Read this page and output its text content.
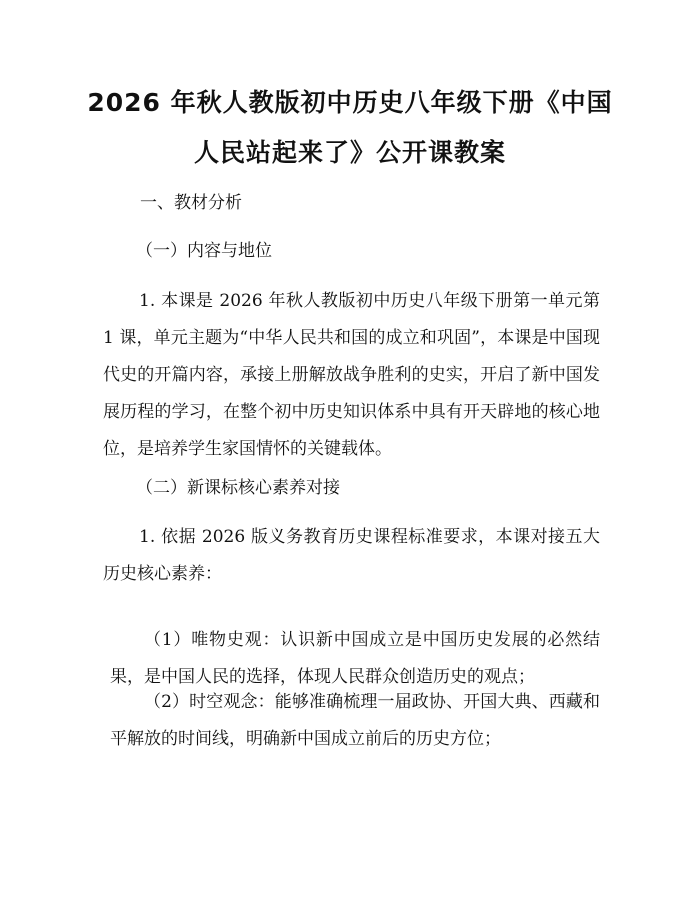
2026 年秋人教版初中历史八年级下册《中国
人民站起来了》公开课教案
一、教材分析
（一）内容与地位
1. 本课是 2026 年秋人教版初中历史八年级下册第一单元第 1 课，单元主题为“中华人民共和国的成立和巩固”，本课是中国现代史的开篇内容，承接上册解放战争胜利的史实，开启了新中国发展历程的学习，在整个初中历史知识体系中具有开天辟地的核心地位，是培养学生家国情怀的关键载体。
（二）新课标核心素养对接
1. 依据 2026 版义务教育历史课程标准要求，本课对接五大历史核心素养：
（1）唯物史观：认识新中国成立是中国历史发展的必然结果，是中国人民的选择，体现人民群众创造历史的观点；
（2）时空观念：能够准确梳理一届政协、开国大典、西藏和平解放的时间线，明确新中国成立前后的历史方位；
